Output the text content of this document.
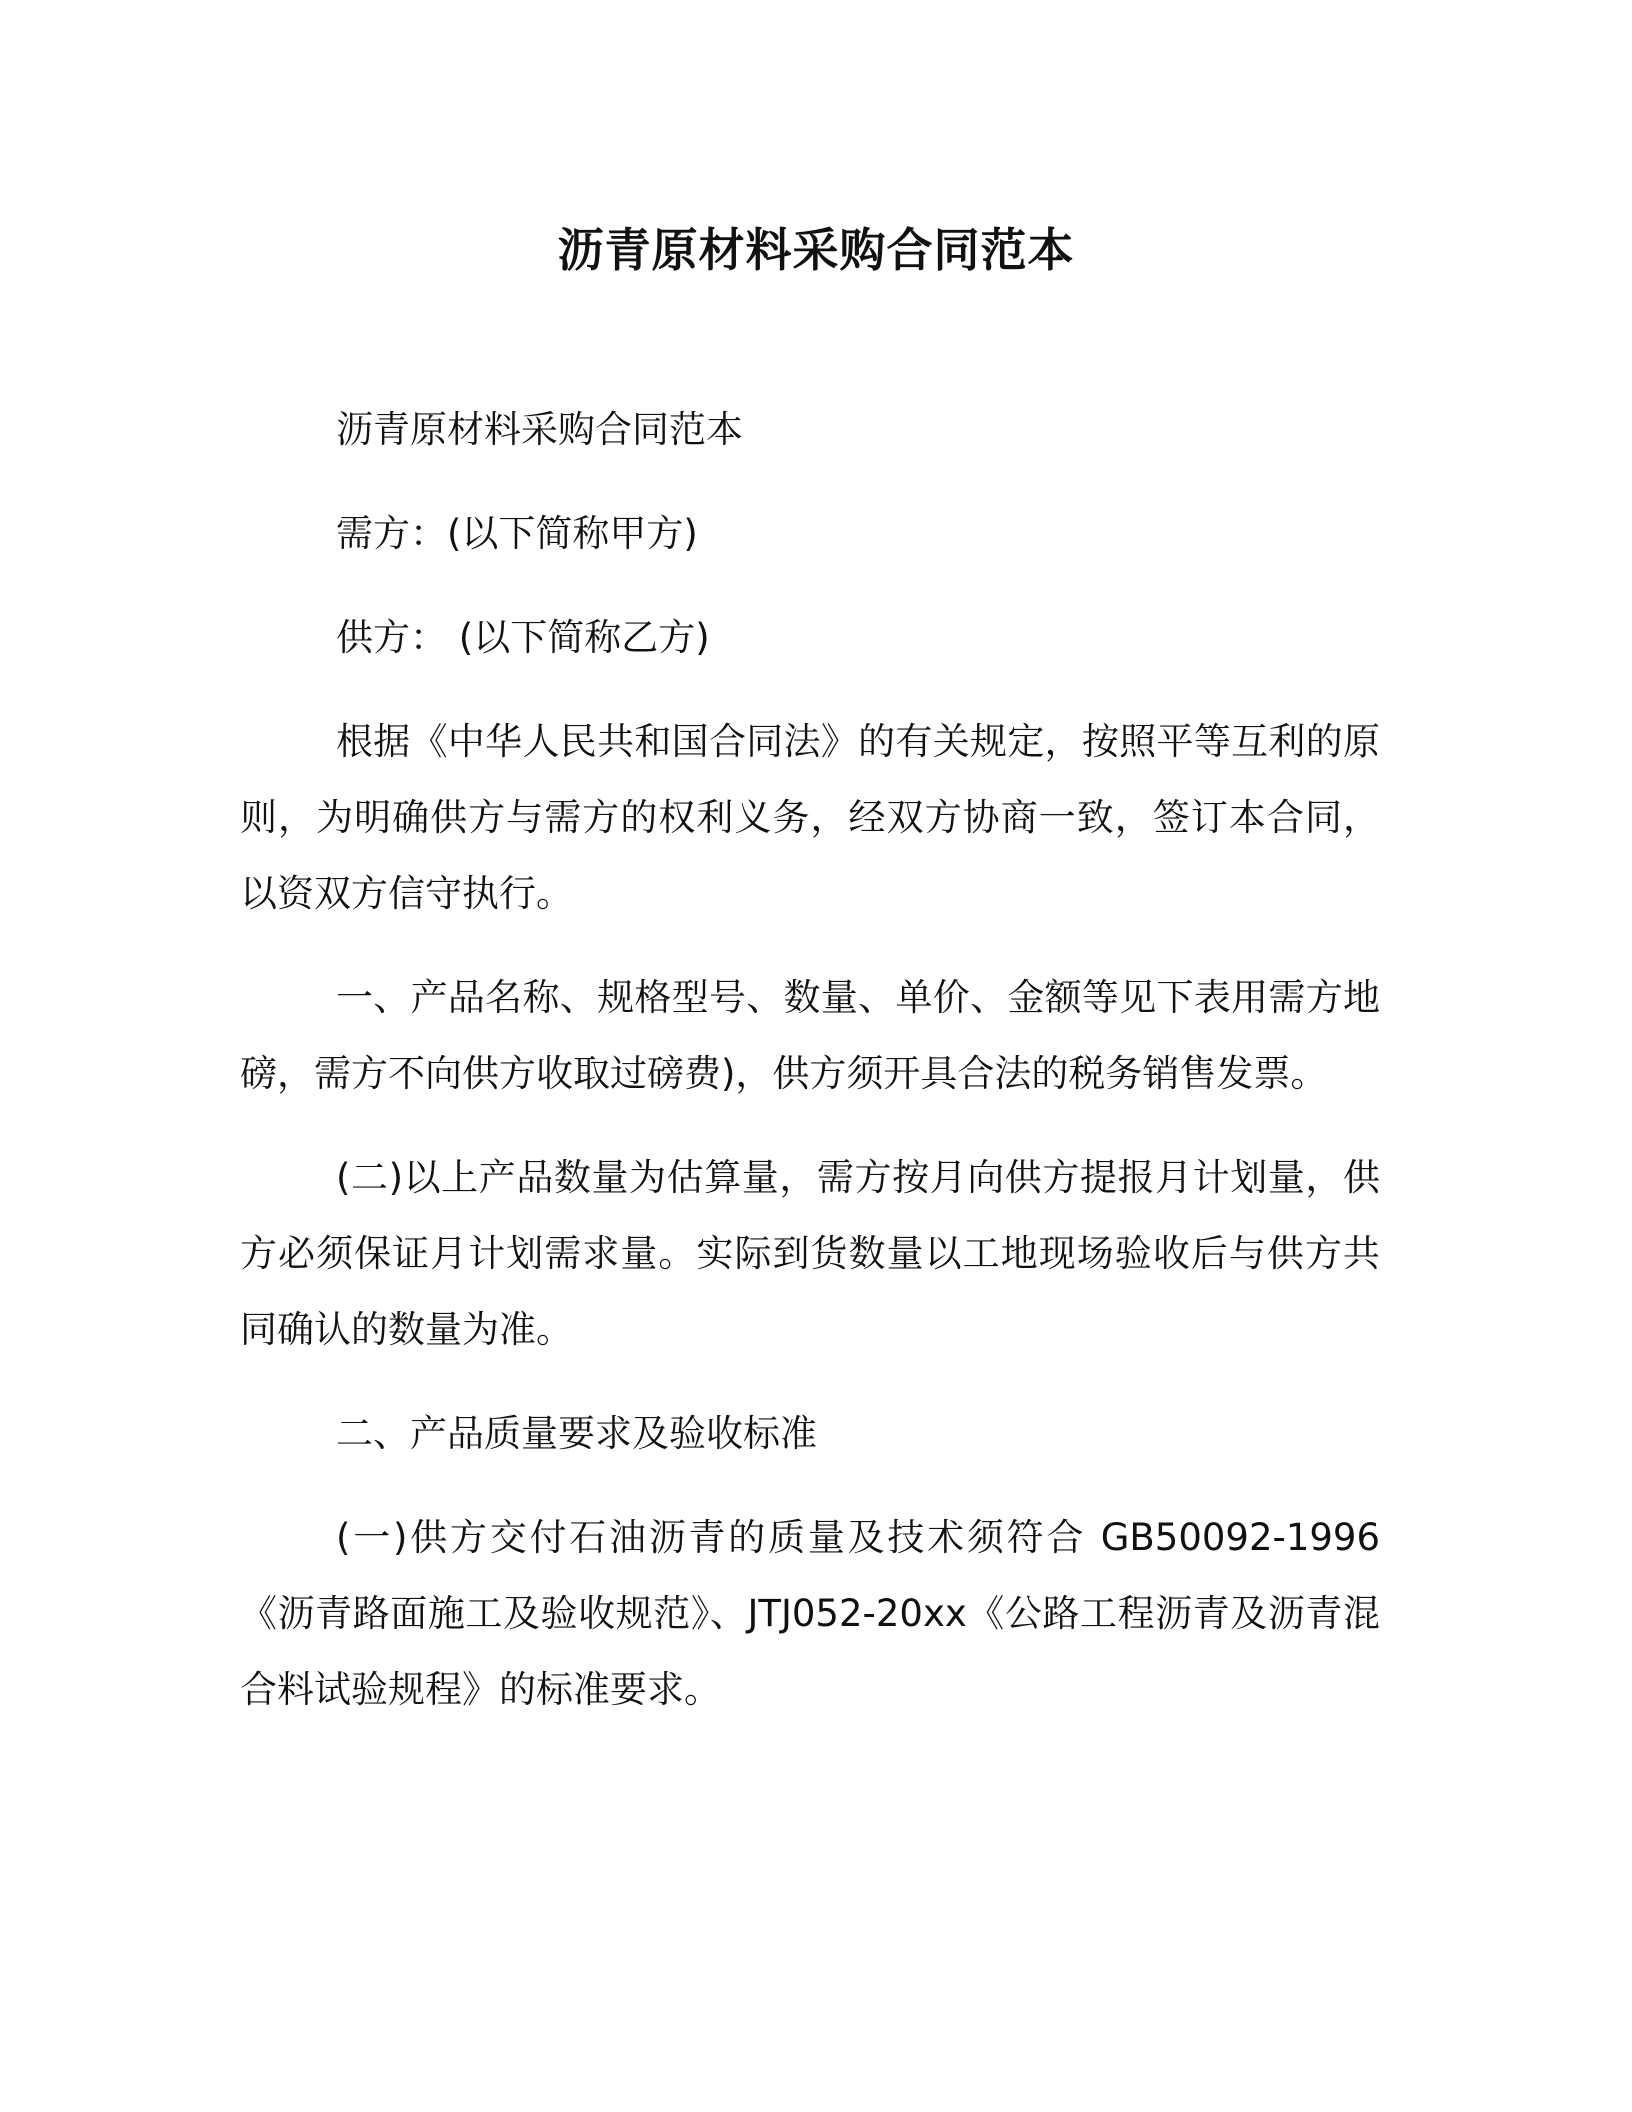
沥青原材料采购合同范本

沥青原材料采购合同范本

需方：(以下简称甲方)

供方： (以下简称乙方)

根据《中华人民共和国合同法》的有关规定，按照平等互利的原则，为明确供方与需方的权利义务，经双方协商一致，签订本合同，以资双方信守执行。

一、产品名称、规格型号、数量、单价、金额等见下表用需方地磅，需方不向供方收取过磅费)，供方须开具合法的税务销售发票。

(二)以上产品数量为估算量，需方按月向供方提报月计划量，供方必须保证月计划需求量。实际到货数量以工地现场验收后与供方共同确认的数量为准。

二、产品质量要求及验收标准

(一)供方交付石油沥青的质量及技术须符合 GB50092-1996《沥青路面施工及验收规范》、JTJ052-20xx《公路工程沥青及沥青混合料试验规程》的标准要求。
